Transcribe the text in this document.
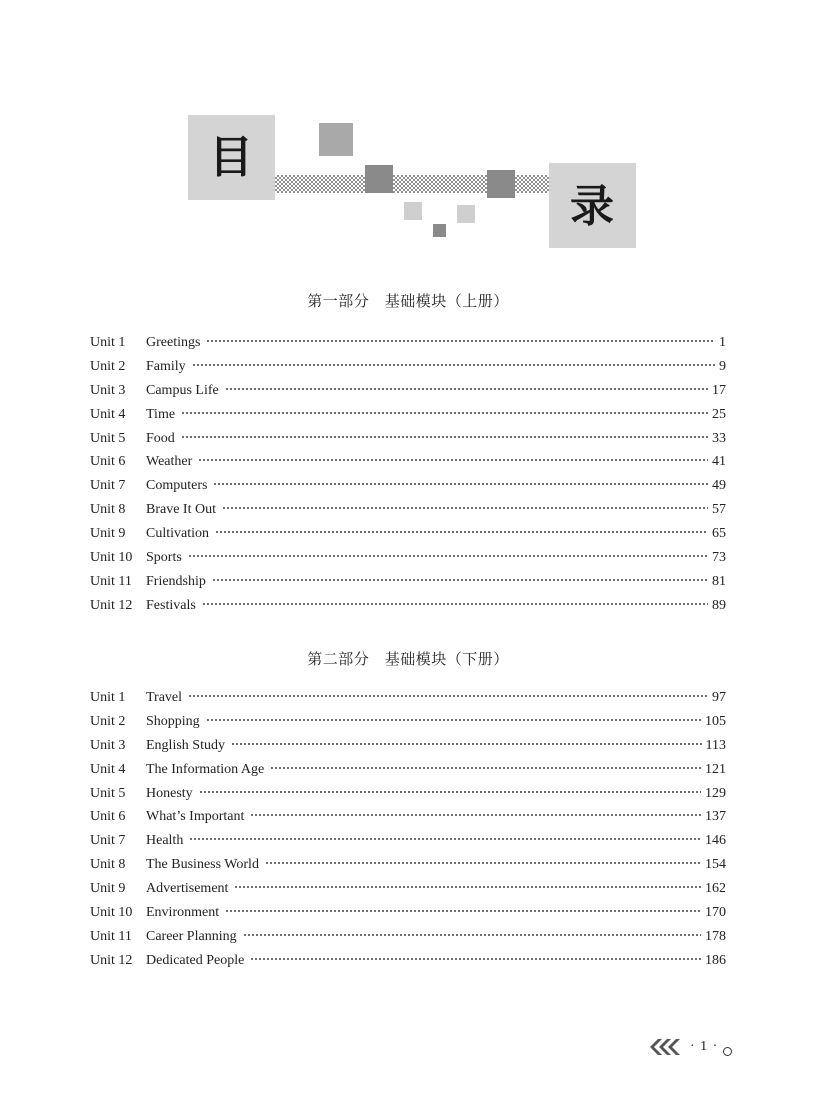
目
录
第一部分　基础模块（上册）
Unit 1	Greetings	1
Unit 2	Family	9
Unit 3	Campus Life	17
Unit 4	Time	25
Unit 5	Food	33
Unit 6	Weather	41
Unit 7	Computers	49
Unit 8	Brave It Out	57
Unit 9	Cultivation	65
Unit 10 Sports	73
Unit 11	Friendship	81
Unit 12 Festivals	89
第二部分　基础模块（下册）
Unit 1	Travel	97
Unit 2	Shopping	105
Unit 3	English Study	113
Unit 4	The Information Age	121
Unit 5	Honesty	129
Unit 6	What’s Important	137
Unit 7	Health	146
Unit 8	The Business World	154
Unit 9	Advertisement	162
Unit 10 Environment	170
Unit 11	Career Planning	178
Unit 12 Dedicated People	186
· 1 ·
